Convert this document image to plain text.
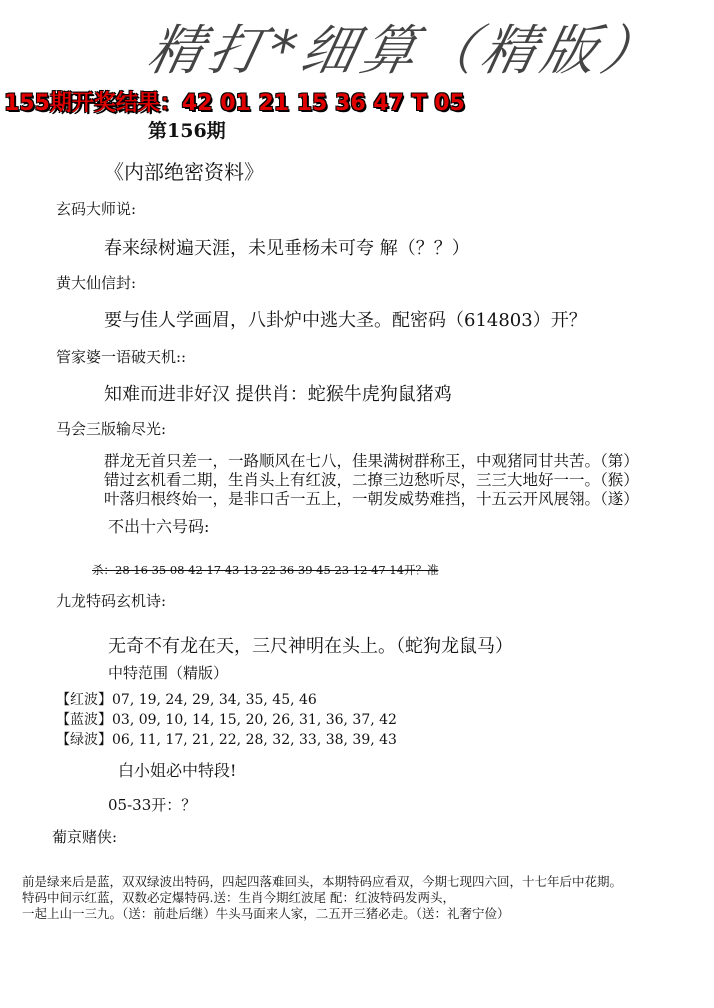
精打*细算（精版）
155期开奖结果：42 01 21 15 36 47 T 05
第156期
《内部绝密资料》
玄码大师说:
春来绿树遍天涯，未见垂杨未可夸 解（？？）
黄大仙信封:
要与佳人学画眉，八卦炉中逃大圣。配密码（614803）开？
管家婆一语破天机::
知难而进非好汉 提供肖：蛇猴牛虎狗鼠猪鸡
马会三版输尽光:
群龙无首只差一，一路顺风在七八，佳果满树群称王，中观猪同甘共苦。（第）
错过玄机看二期，生肖头上有红波，二撩三边愁听尽，三三大地好一一。（猴）
叶落归根终始一，是非口舌一五上，一朝发威势难挡，十五云开风展翎。（遂）
不出十六号码:
杀：28 16 35 08 42 17 43 13 22 36 39 45 23 12 47 14开？准
九龙特码玄机诗:
无奇不有龙在天，三尺神明在头上。（蛇狗龙鼠马）
中特范围（精版）
【红波】07, 19, 24, 29, 34, 35, 45, 46
【蓝波】03, 09, 10, 14, 15, 20, 26, 31, 36, 37, 42
【绿波】06, 11, 17, 21, 22, 28, 32, 33, 38, 39, 43
白小姐必中特段!
05-33开：？
葡京赌侠:
前是绿来后是蓝，双双绿波出特码，四起四落难回头，本期特码应看双，今期七现四六回，十七年后中花期。
特码中间示红蓝，双数必定爆特码.送：生肖今期红波尾 配：红波特码发两头，
一起上山一三九。（送：前赴后继）牛头马面来人家，二五开三猪必走。（送：礼奢宁俭）
